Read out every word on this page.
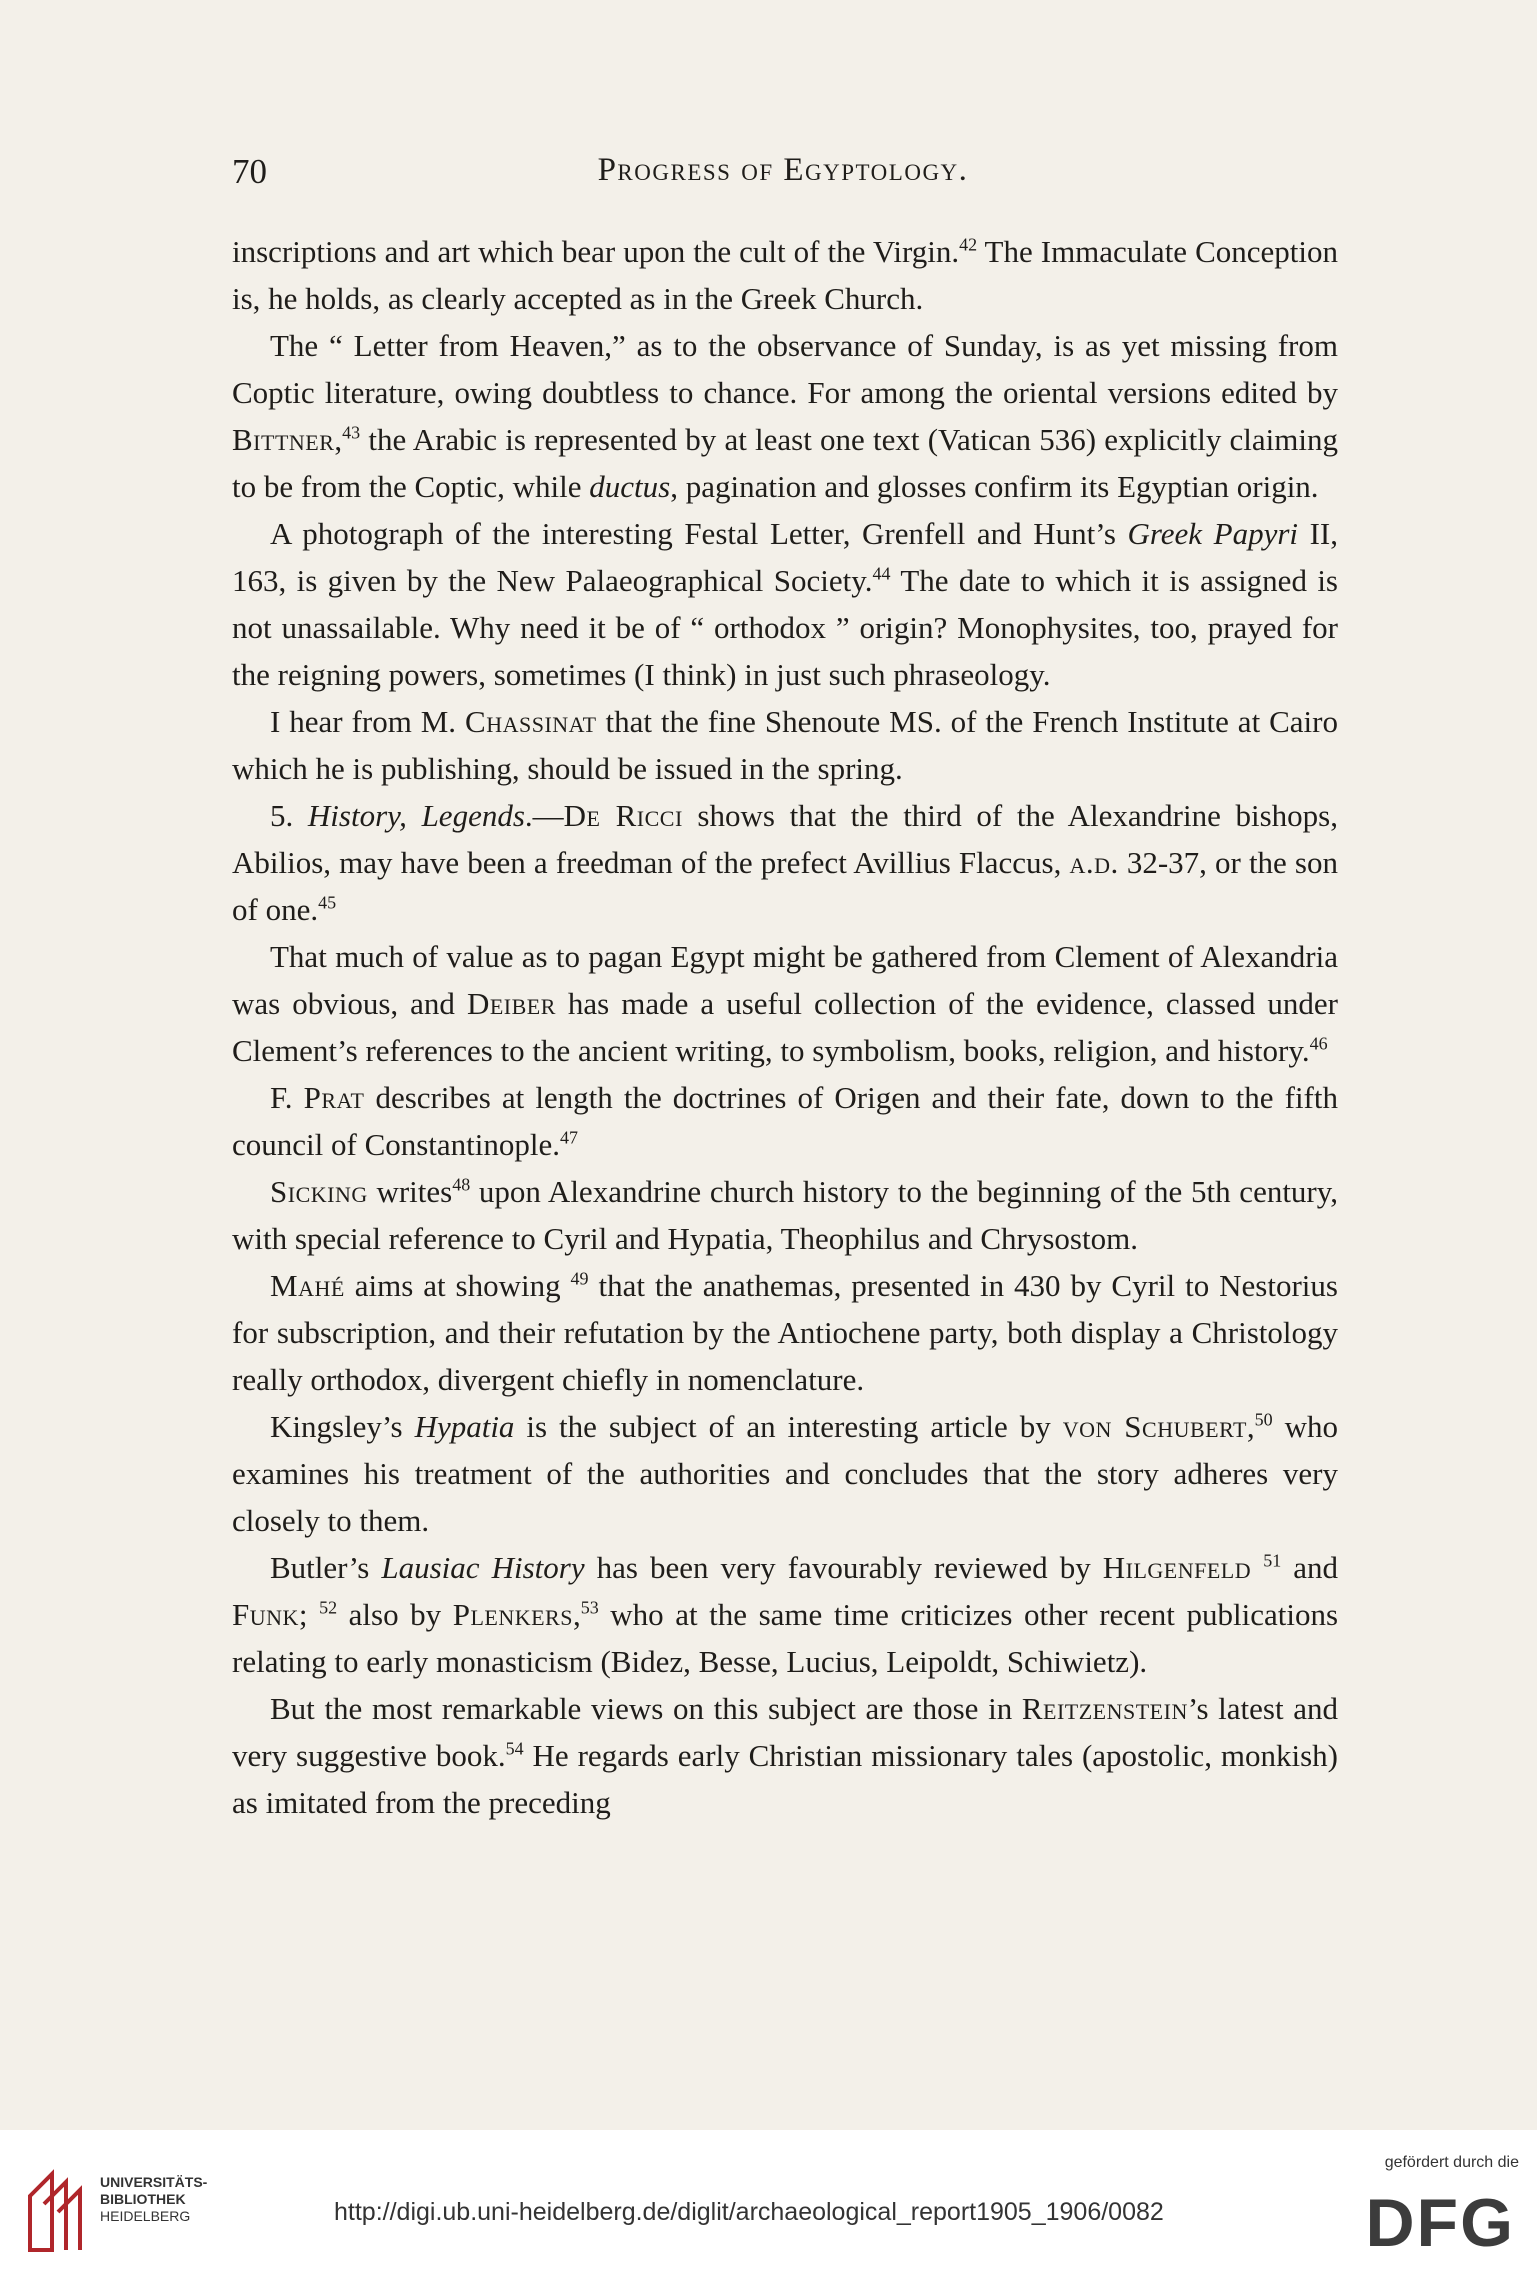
70	Progress of Egyptology.

inscriptions and art which bear upon the cult of the Virgin.$^{42}$ The Immaculate Conception is, he holds, as clearly accepted as in the Greek Church.

The “ Letter from Heaven,” as to the observance of Sunday, is as yet missing from Coptic literature, owing doubtless to chance. For among the oriental versions edited by Bittner,$^{43}$ the Arabic is represented by at least one text (Vatican 536) explicitly claiming to be from the Coptic, while ductus, pagination and glosses confirm its Egyptian origin.

A photograph of the interesting Festal Letter, Grenfell and Hunt’s Greek Papyri II, 163, is given by the New Palaeographical Society.$^{44}$ The date to which it is assigned is not unassailable. Why need it be of “ orthodox ” origin? Monophysites, too, prayed for the reigning powers, sometimes (I think) in just such phraseology.

I hear from M. Chassinat that the fine Shenoute MS. of the French Institute at Cairo which he is publishing, should be issued in the spring.

5. History, Legends.—De Ricci shows that the third of the Alexandrine bishops, Abilios, may have been a freedman of the prefect Avillius Flaccus, a.d. 32-37, or the son of one.$^{45}$

That much of value as to pagan Egypt might be gathered from Clement of Alexandria was obvious, and Deiber has made a useful collection of the evidence, classed under Clement’s references to the ancient writing, to symbolism, books, religion, and history.$^{46}$

F. Prat describes at length the doctrines of Origen and their fate, down to the fifth council of Constantinople.$^{47}$

Sicking writes$^{48}$ upon Alexandrine church history to the beginning of the 5th century, with special reference to Cyril and Hypatia, Theophilus and Chrysostom.

Mahé aims at showing $^{49}$ that the anathemas, presented in 430 by Cyril to Nestorius for subscription, and their refutation by the Antiochene party, both display a Christology really orthodox, divergent chiefly in nomenclature.

Kingsley’s Hypatia is the subject of an interesting article by von Schubert,$^{50}$ who examines his treatment of the authorities and concludes that the story adheres very closely to them.

Butler’s Lausiac History has been very favourably reviewed by Hilgenfeld $^{51}$ and Funk; $^{52}$ also by Plenkers,$^{53}$ who at the same time criticizes other recent publications relating to early monasticism (Bidez, Besse, Lucius, Leipoldt, Schiwietz).

But the most remarkable views on this subject are those in Reitzenstein’s latest and very suggestive book.$^{54}$ He regards early Christian missionary tales (apostolic, monkish) as imitated from the preceding

UNIVERSITÄTS-
BIBLIOTHEK
HEIDELBERG	http://digi.ub.uni-heidelberg.de/diglit/archaeological_report1905_1906/0082
gefördert durch die
DFG
